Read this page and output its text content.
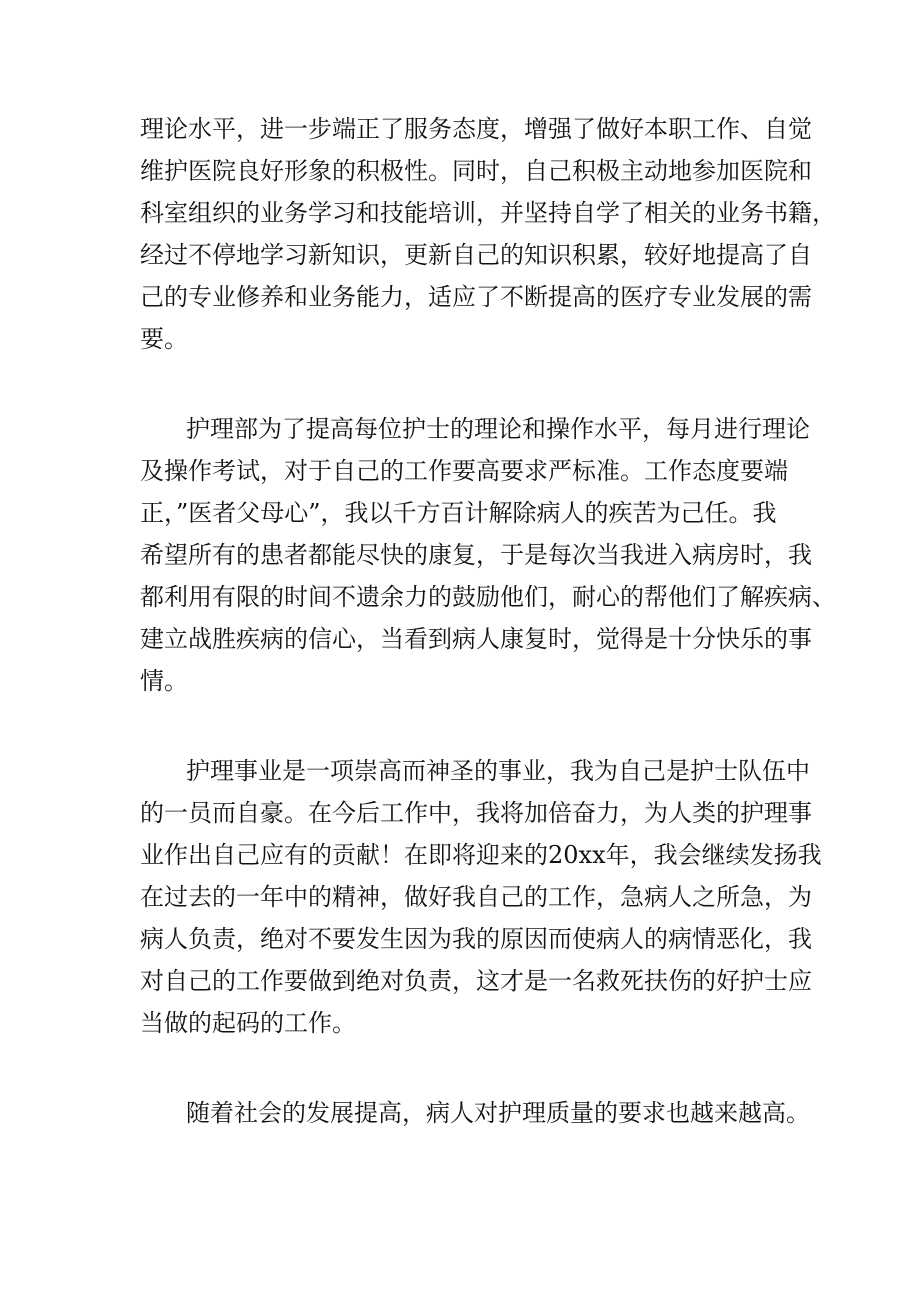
理论水平，进一步端正了服务态度，增强了做好本职工作、自觉
维护医院良好形象的积极性。同时，自己积极主动地参加医院和
科室组织的业务学习和技能培训，并坚持自学了相关的业务书籍，
经过不停地学习新知识，更新自己的知识积累，较好地提高了自
己的专业修养和业务能力，适应了不断提高的医疗专业发展的需
要。
护理部为了提高每位护士的理论和操作水平，每月进行理论
及操作考试，对于自己的工作要高要求严标准。工作态度要端
正，”医者父母心”，我以千方百计解除病人的疾苦为己任。我
希望所有的患者都能尽快的康复，于是每次当我进入病房时，我
都利用有限的时间不遗余力的鼓励他们，耐心的帮他们了解疾病、
建立战胜疾病的信心，当看到病人康复时，觉得是十分快乐的事
情。
护理事业是一项崇高而神圣的事业，我为自己是护士队伍中
的一员而自豪。在今后工作中，我将加倍奋力，为人类的护理事
业作出自己应有的贡献！在即将迎来的20xx年，我会继续发扬我
在过去的一年中的精神，做好我自己的工作，急病人之所急，为
病人负责，绝对不要发生因为我的原因而使病人的病情恶化，我
对自己的工作要做到绝对负责，这才是一名救死扶伤的好护士应
当做的起码的工作。
随着社会的发展提高，病人对护理质量的要求也越来越高。
